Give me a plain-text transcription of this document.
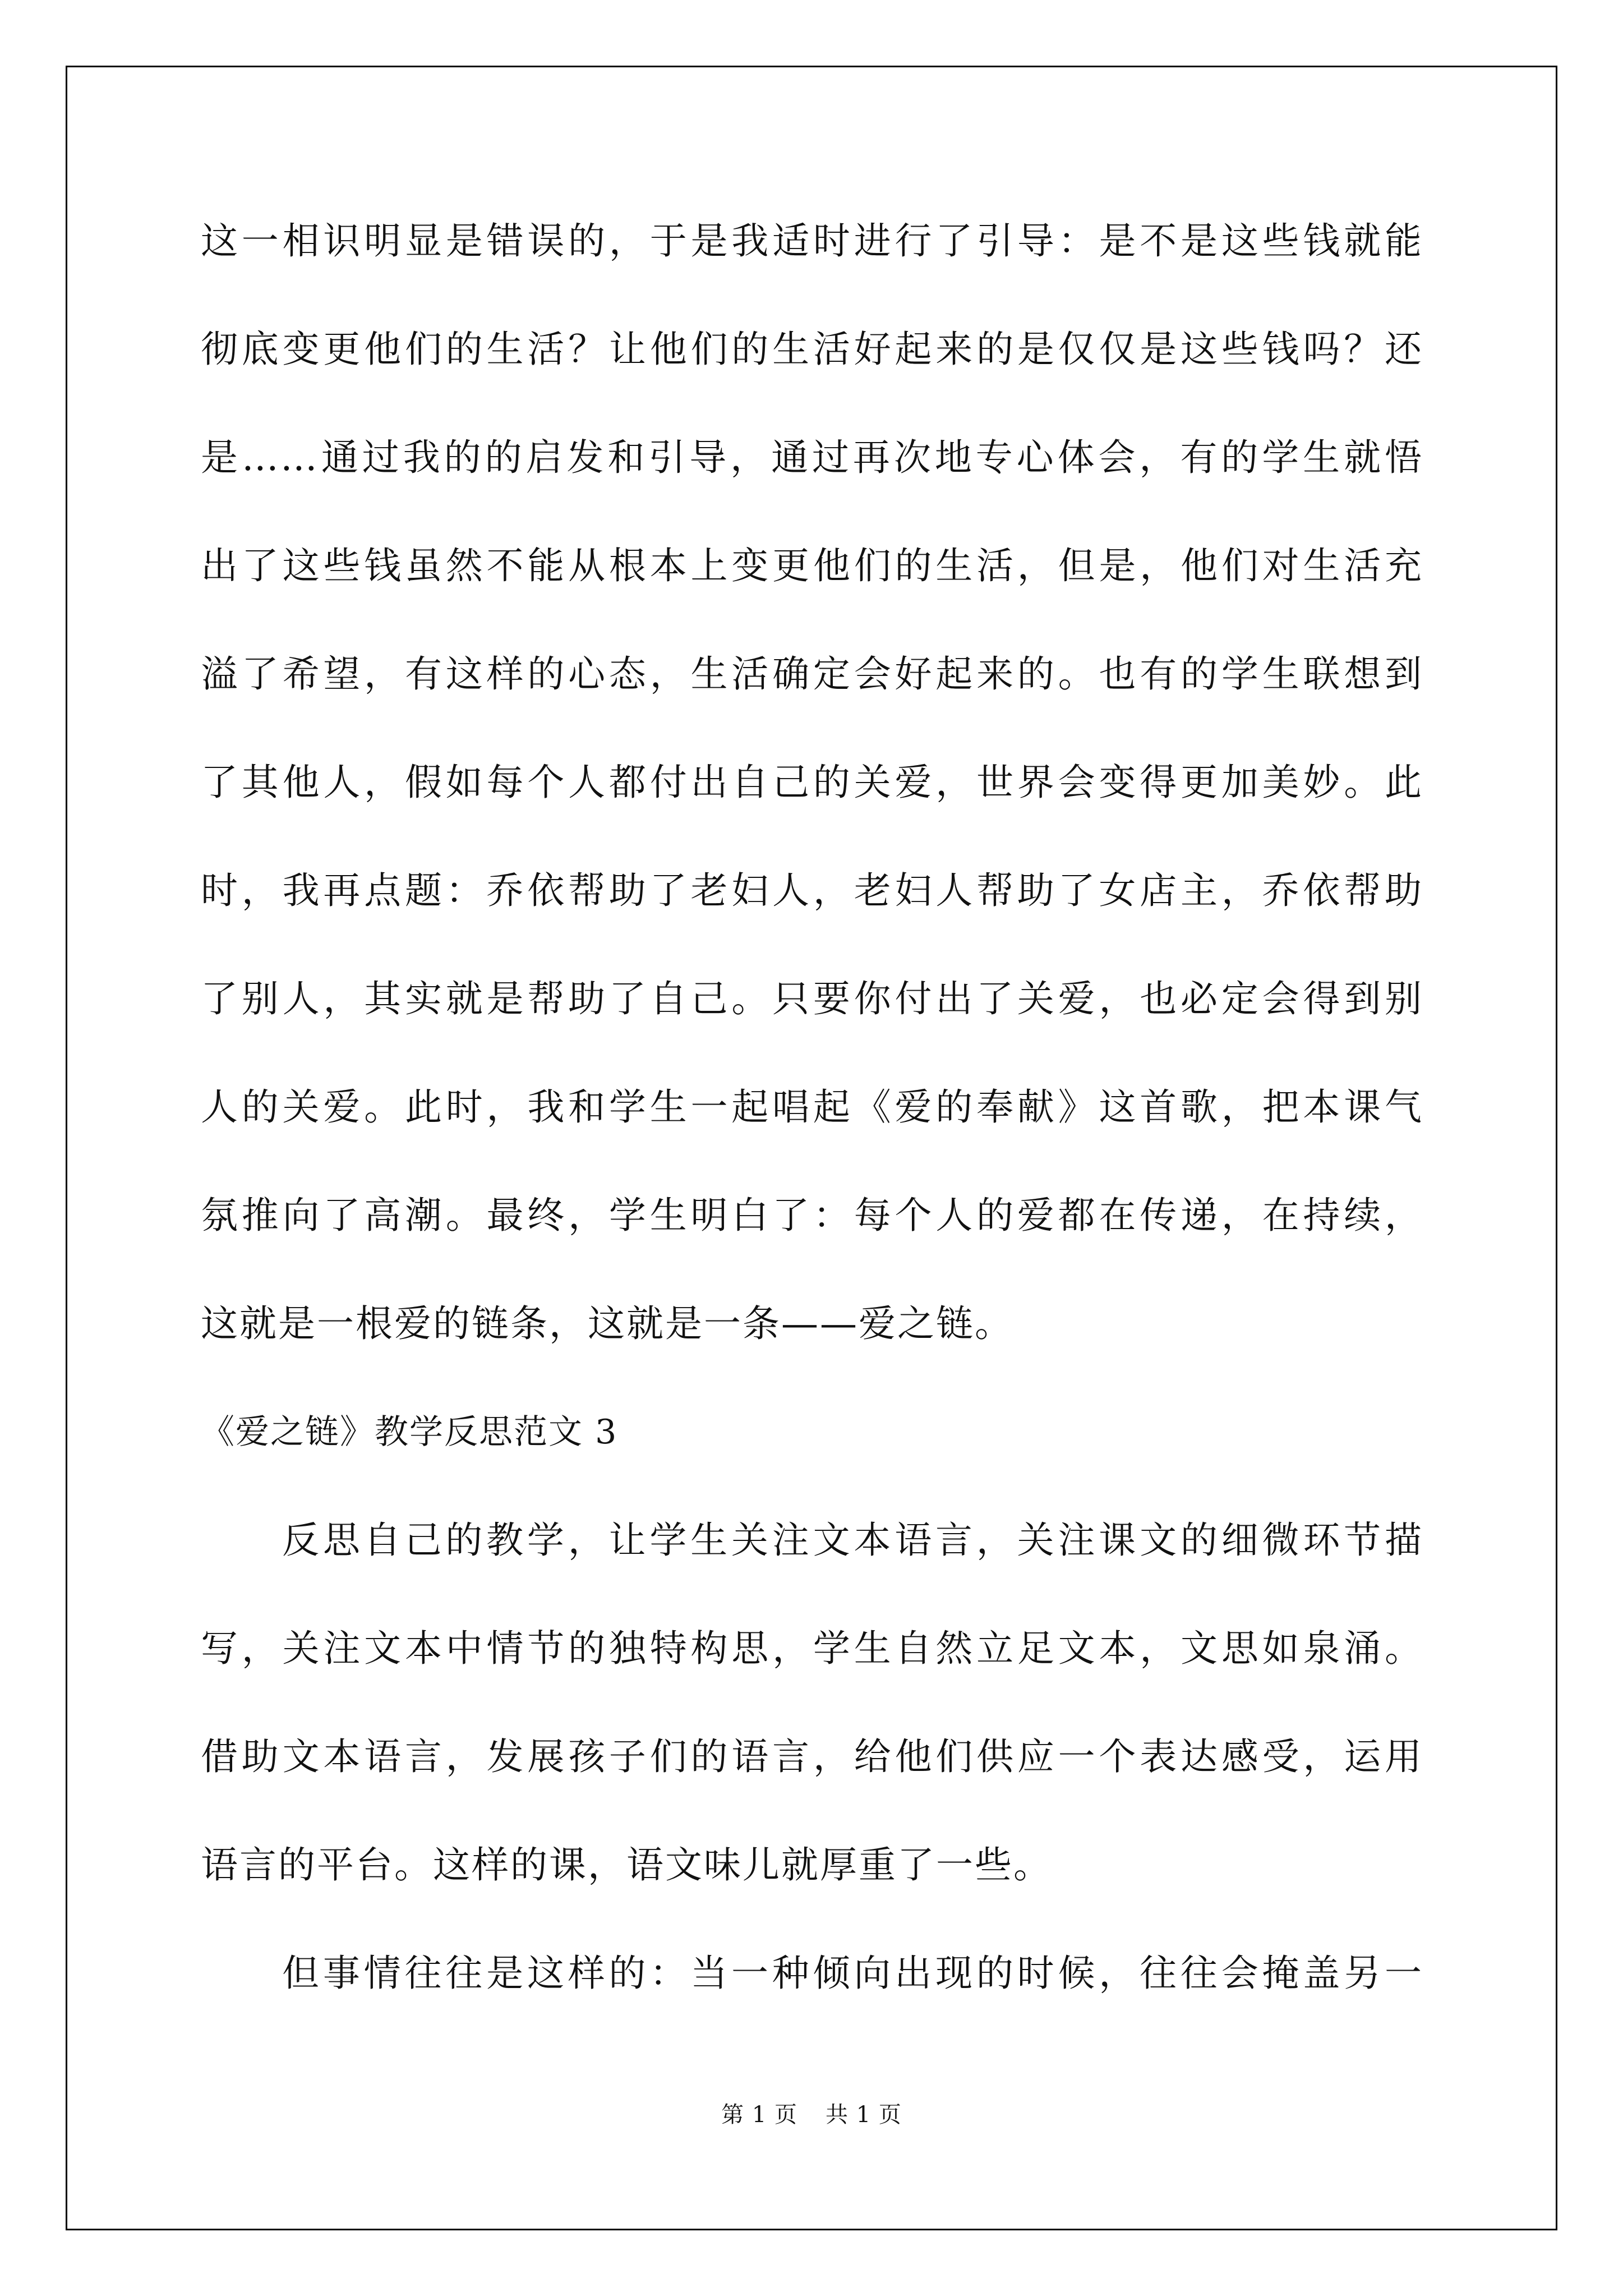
这一相识明显是错误的，于是我适时进行了引导：是不是这些钱就能
彻底变更他们的生活？让他们的生活好起来的是仅仅是这些钱吗？还
是……通过我的的启发和引导，通过再次地专心体会，有的学生就悟
出了这些钱虽然不能从根本上变更他们的生活，但是，他们对生活充
溢了希望，有这样的心态，生活确定会好起来的。也有的学生联想到
了其他人，假如每个人都付出自己的关爱，世界会变得更加美妙。此
时，我再点题：乔依帮助了老妇人，老妇人帮助了女店主，乔依帮助
了别人，其实就是帮助了自己。只要你付出了关爱，也必定会得到别
人的关爱。此时，我和学生一起唱起《爱的奉献》这首歌，把本课气
氛推向了高潮。最终，学生明白了：每个人的爱都在传递，在持续，
这就是一根爱的链条，这就是一条——爱之链。
《爱之链》教学反思范文 3
反思自己的教学，让学生关注文本语言，关注课文的细微环节描
写，关注文本中情节的独特构思，学生自然立足文本，文思如泉涌。
借助文本语言，发展孩子们的语言，给他们供应一个表达感受，运用
语言的平台。这样的课，语文味儿就厚重了一些。
但事情往往是这样的：当一种倾向出现的时候，往往会掩盖另一
第 1 页 共 1 页
